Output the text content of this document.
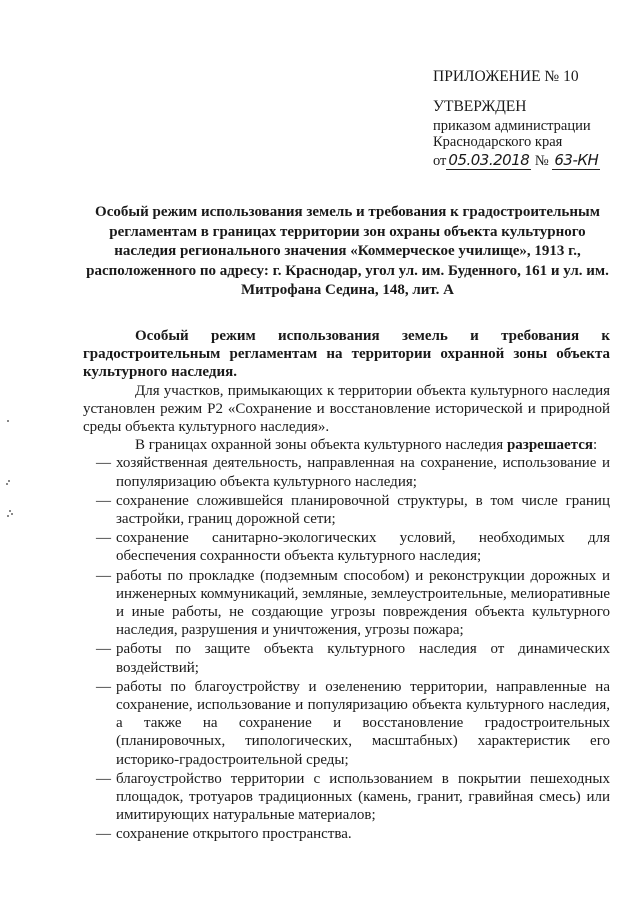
ПРИЛОЖЕНИЕ № 10
УТВЕРЖДЕН
приказом администрации
Краснодарского края
от 05.03.2018 № 63-КН
Особый режим использования земель и требования к градостроительным регламентам в границах территории зон охраны объекта культурного наследия регионального значения «Коммерческое училище», 1913 г., расположенного по адресу: г. Краснодар, угол ул. им. Буденного, 161 и ул. им. Митрофана Седина, 148, лит. А

Особый режим использования земель и требования к градостроительным регламентам на территории охранной зоны объекта культурного наследия.

Для участков, примыкающих к территории объекта культурного наследия установлен режим Р2 «Сохранение и восстановление исторической и природной среды объекта культурного наследия».

В границах охранной зоны объекта культурного наследия разрешается:

— хозяйственная деятельность, направленная на сохранение, использование и популяризацию объекта культурного наследия;
— сохранение сложившейся планировочной структуры, в том числе границ застройки, границ дорожной сети;
— сохранение санитарно-экологических условий, необходимых для обеспечения сохранности объекта культурного наследия;
— работы по прокладке (подземным способом) и реконструкции дорожных и инженерных коммуникаций, земляные, землеустроительные, мелиоративные и иные работы, не создающие угрозы повреждения объекта культурного наследия, разрушения и уничтожения, угрозы пожара;
— работы по защите объекта культурного наследия от динамических воздействий;
— работы по благоустройству и озеленению территории, направленные на сохранение, использование и популяризацию объекта культурного наследия, а также на сохранение и восстановление градостроительных (планировочных, типологических, масштабных) характеристик его историко-градостроительной среды;
— благоустройство территории с использованием в покрытии пешеходных площадок, тротуаров традиционных (камень, гранит, гравийная смесь) или имитирующих натуральные материалов;
— сохранение открытого пространства.
